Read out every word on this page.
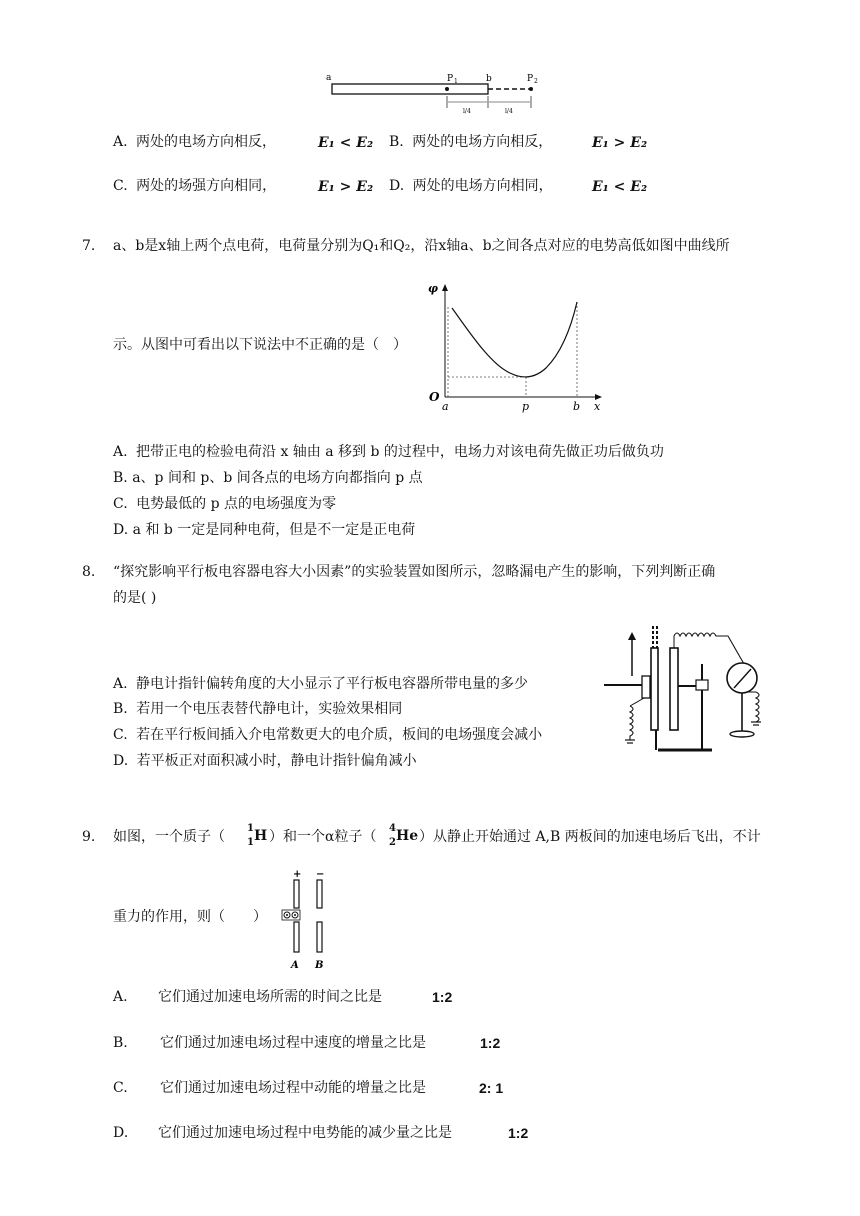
a	P 1	b	P 2
l/4	l/4
A. 两处的电场方向相反，	E₁ < E₂ B. 两处的电场方向相反，	E₁ > E₂
C. 两处的场强方向相同，	E₁ > E₂ D. 两处的电场方向相同，	E₁ < E₂
7. a、b是x轴上两个点电荷，电荷量分别为Q₁和Q₂，沿x轴a、b之间各点对应的电势高低如图中曲线所
φ
O
a	p	b x
示。从图中可看出以下说法中不正确的是（　）
A. 把带正电的检验电荷沿 x 轴由 a 移到 b 的过程中，电场力对该电荷先做正功后做负功
B. a、p 间和 p、b 间各点的电场方向都指向 p 点
C. 电势最低的 p 点的电场强度为零
D. a 和 b 一定是同种电荷，但是不一定是正电荷
8. “探究影响平行板电容器电容大小因素”的实验装置如图所示，忽略漏电产生的影响，下列判断正确
的是( )
A. 静电计指针偏转角度的大小显示了平行板电容器所带电量的多少
B. 若用一个电压表替代静电计，实验效果相同
C. 若在平行板间插入介电常数更大的电介质，板间的电场强度会减小
D. 若平板正对面积减小时，静电计指针偏角减小
9. 如图，一个质子（
1
1 H ）和一个α粒子（
4
2 He ）从静止开始通过 A,B 两板间的加速电场后飞出，不计
重力的作用，则（　　）
+ −
A B
A. 它们通过加速电场所需的时间之比是	1:2
B. 它们通过加速电场过程中速度的增量之比是	1:2
C. 它们通过加速电场过程中动能的增量之比是	2: 1
D. 它们通过加速电场过程中电势能的减少量之比是	1:2
